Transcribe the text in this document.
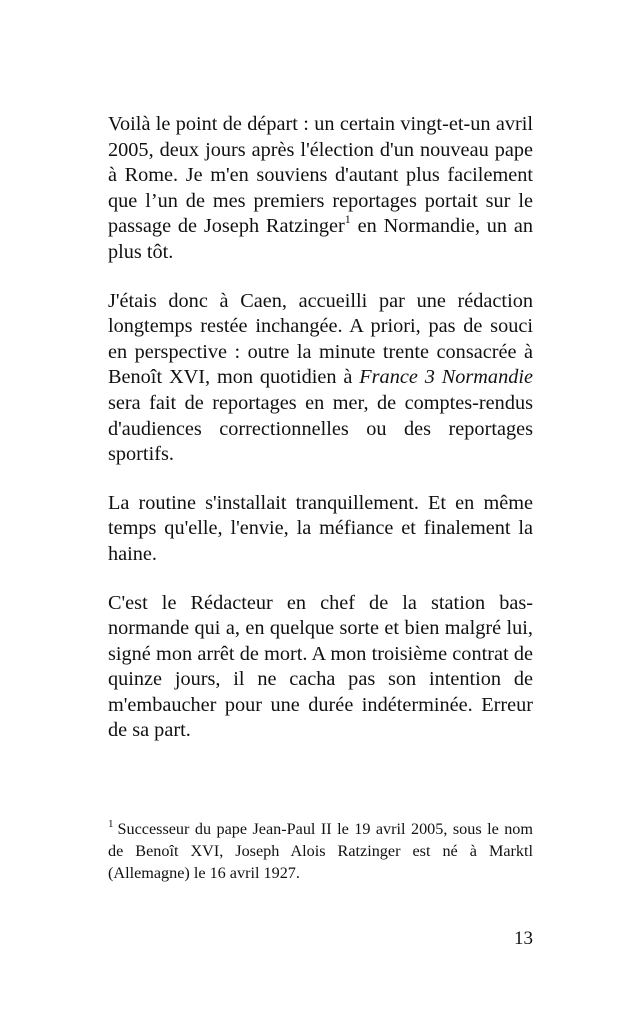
Voilà le point de départ : un certain vingt-et-un avril 2005, deux jours après l'élection d'un nouveau pape à Rome. Je m'en souviens d'autant plus facilement que l’un de mes premiers reportages portait sur le passage de Joseph Ratzinger$^1$ en Normandie, un an plus tôt.

J'étais donc à Caen, accueilli par une rédaction longtemps restée inchangée. A priori, pas de souci en perspective : outre la minute trente consacrée à Benoît XVI, mon quotidien à France 3 Normandie sera fait de reportages en mer, de comptes-rendus d'audiences correctionnelles ou des reportages sportifs.

La routine s'installait tranquillement. Et en même temps qu'elle, l'envie, la méfiance et finalement la haine.

C'est le Rédacteur en chef de la station bas-normande qui a, en quelque sorte et bien malgré lui, signé mon arrêt de mort. A mon troisième contrat de quinze jours, il ne cacha pas son intention de m'embaucher pour une durée indéterminée. Erreur de sa part.

$^1$ Successeur du pape Jean-Paul II le 19 avril 2005, sous le nom de Benoît XVI, Joseph Alois Ratzinger est né à Marktl (Allemagne) le 16 avril 1927.
13
